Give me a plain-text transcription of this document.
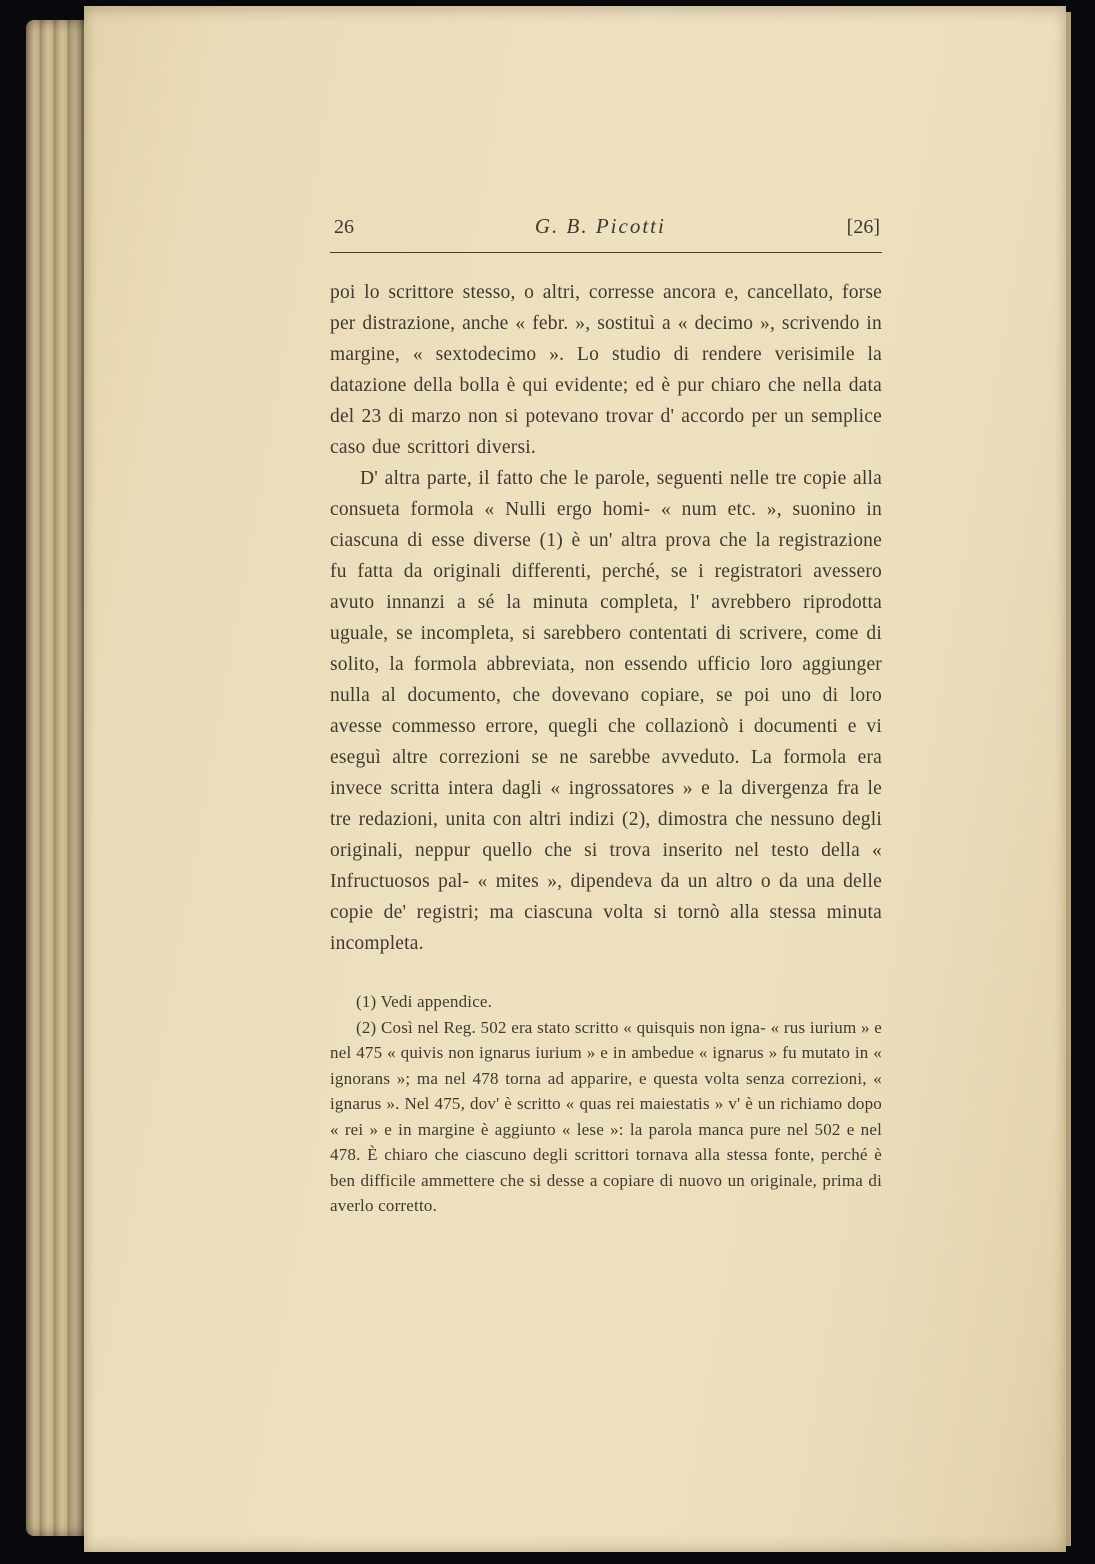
26	G. B. Picotti	[26]

poi lo scrittore stesso, o altri, corresse ancora e, cancellato, forse per distrazione, anche « febr. », sostituì a « decimo », scrivendo in margine, « sextodecimo ». Lo studio di rendere verisimile la datazione della bolla è qui evidente; ed è pur chiaro che nella data del 23 di marzo non si potevano trovar d' accordo per un semplice caso due scrittori diversi.

D' altra parte, il fatto che le parole, seguenti nelle tre copie alla consueta formola « Nulli ergo homi- « num etc. », suonino in ciascuna di esse diverse (1) è un' altra prova che la registrazione fu fatta da originali differenti, perché, se i registratori avessero avuto innanzi a sé la minuta completa, l' avrebbero riprodotta uguale, se incompleta, si sarebbero contentati di scrivere, come di solito, la formola abbreviata, non essendo ufficio loro aggiunger nulla al documento, che dovevano copiare, se poi uno di loro avesse commesso errore, quegli che collazionò i documenti e vi eseguì altre correzioni se ne sarebbe avveduto. La formola era invece scritta intera dagli « ingrossatores » e la divergenza fra le tre redazioni, unita con altri indizi (2), dimostra che nessuno degli originali, neppur quello che si trova inserito nel testo della « Infructuosos pal- « mites », dipendeva da un altro o da una delle copie de' registri; ma ciascuna volta si tornò alla stessa minuta incompleta.

(1) Vedi appendice.

(2) Così nel Reg. 502 era stato scritto « quisquis non igna- « rus iurium » e nel 475 « quivis non ignarus iurium » e in ambedue « ignarus » fu mutato in « ignorans »; ma nel 478 torna ad apparire, e questa volta senza correzioni, « ignarus ». Nel 475, dov' è scritto « quas rei maiestatis » v' è un richiamo dopo « rei » e in margine è aggiunto « lese »: la parola manca pure nel 502 e nel 478. È chiaro che ciascuno degli scrittori tornava alla stessa fonte, perché è ben difficile ammettere che si desse a copiare di nuovo un originale, prima di averlo corretto.
